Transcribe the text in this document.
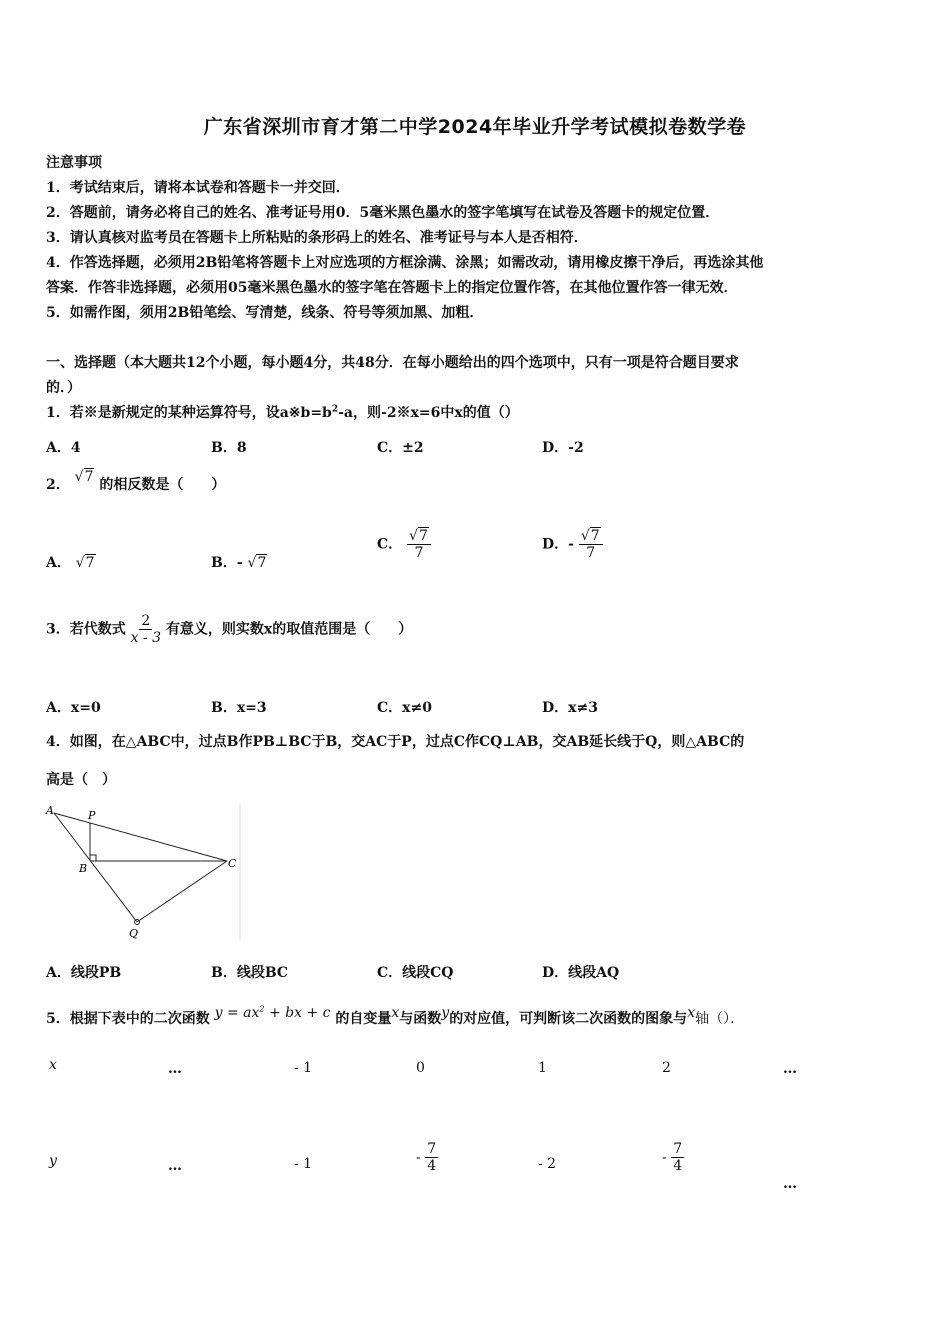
广东省深圳市育才第二中学2024年毕业升学考试模拟卷数学卷
注意事项
1．考试结束后，请将本试卷和答题卡一并交回．
2．答题前，请务必将自己的姓名、准考证号用0．5毫米黑色墨水的签字笔填写在试卷及答题卡的规定位置．
3．请认真核对监考员在答题卡上所粘贴的条形码上的姓名、准考证号与本人是否相符．
4．作答选择题，必须用2B铅笔将答题卡上对应选项的方框涂满、涂黑；如需改动，请用橡皮擦干净后，再选涂其他
答案．作答非选择题，必须用05毫米黑色墨水的签字笔在答题卡上的指定位置作答，在其他位置作答一律无效．
5．如需作图，须用2B铅笔绘、写清楚，线条、符号等须加黑、加粗．
一、选择题（本大题共12个小题，每小题4分，共48分．在每小题给出的四个选项中，只有一项是符合题目要求
的．）
1．若※是新规定的某种运算符号，设$a※b=b^2-a$，则-2※x=6中x的值（）
A．4	B．8	C．±2	D．-2
2． √7 的相反数是（　　）
A． √7	B．- √7
C． $\frac{√7}{7}$	D．- $\frac{√7}{7}$
3．若代数式 $\frac{2}{x - 3}$ 有意义，则实数x的取值范围是（　　）
A．x=0	B．x=3	C．x≠0	D．x≠3
4．如图，在△ABC中，过点B作PB⊥BC于B，交AC于P，过点C作CQ⊥AB，交AB延长线于Q，则△ABC的
高是（　）
A	P
B	C
Q
A．线段PB	B．线段BC	C．线段CQ	D．线段AQ
5．根据下表中的二次函数 $y = ax^2$ + bx + c 的自变量x与函数y的对应值，可判断该二次函数的图象与x轴（）．
x	…	- 1	0	1	2	…
y	…	- 1	- $\frac{7}{4}$	- 2	- $\frac{7}{4}$
…
